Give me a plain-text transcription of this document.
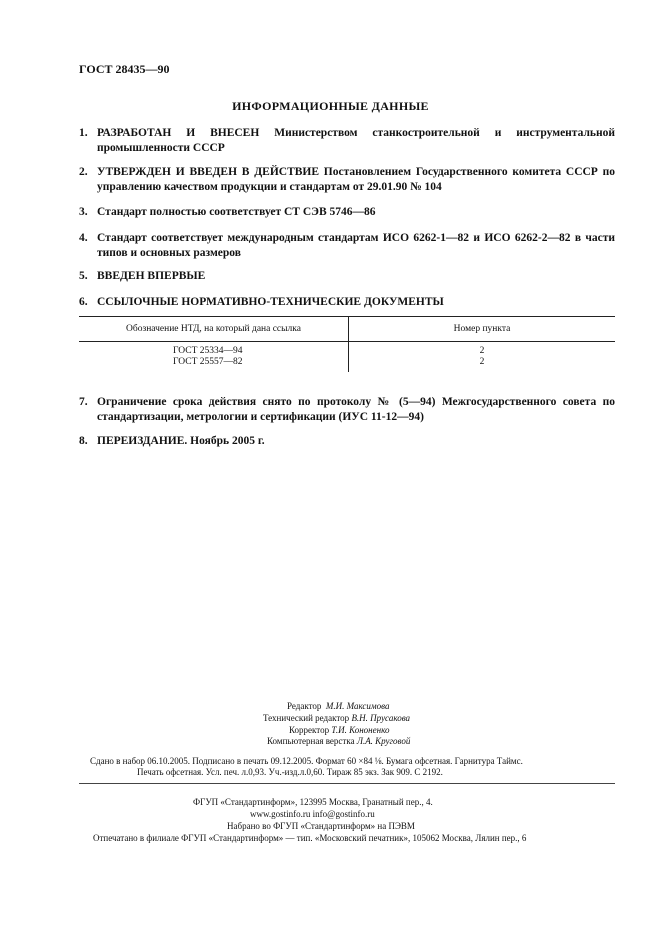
ГОСТ 28435—90
ИНФОРМАЦИОННЫЕ ДАННЫЕ
1. РАЗРАБОТАН И ВНЕСЕН Министерством станкостроительной и инструментальной промышленности СССР
2. УТВЕРЖДЕН И ВВЕДЕН В ДЕЙСТВИЕ Постановлением Государственного комитета СССР по управлению качеством продукции и стандартам от 29.01.90 № 104
3. Стандарт полностью соответствует СТ СЭВ 5746—86
4. Стандарт соответствует международным стандартам ИСО 6262-1—82 и ИСО 6262-2—82 в части типов и основных размеров
5. ВВЕДЕН ВПЕРВЫЕ
6. ССЫЛОЧНЫЕ НОРМАТИВНО-ТЕХНИЧЕСКИЕ ДОКУМЕНТЫ
Обозначение НТД, на который дана ссылка	Номер пункта

ГОСТ 25334—94	2
ГОСТ 25557—82	2

7. Ограничение срока действия снято по протоколу № (5—94) Межгосударственного совета по стандартизации, метрологии и сертификации (ИУС 11-12—94)
8. ПЕРЕИЗДАНИЕ. Ноябрь 2005 г.
Редактор М.И. Максимова
Технический редактор В.Н. Прусакова
Корректор Т.И. Кононенко
Компьютерная верстка Л.А. Круговой
Сдано в набор 06.10.2005. Подписано в печать 09.12.2005. Формат 60 ×84 ⅛. Бумага офсетная. Гарнитура Таймс.
Печать офсетная. Усл. печ. л.0,93. Уч.-изд.л.0,60. Тираж 85 экз. Зак 909. С 2192.
ФГУП «Стандартинформ», 123995 Москва, Гранатный пер., 4.
www.gostinfo.ru info@gostinfo.ru
Набрано во ФГУП «Стандартинформ» на ПЭВМ
Отпечатано в филиале ФГУП «Стандартинформ» — тип. «Московский печатник», 105062 Москва, Лялин пер., 6
